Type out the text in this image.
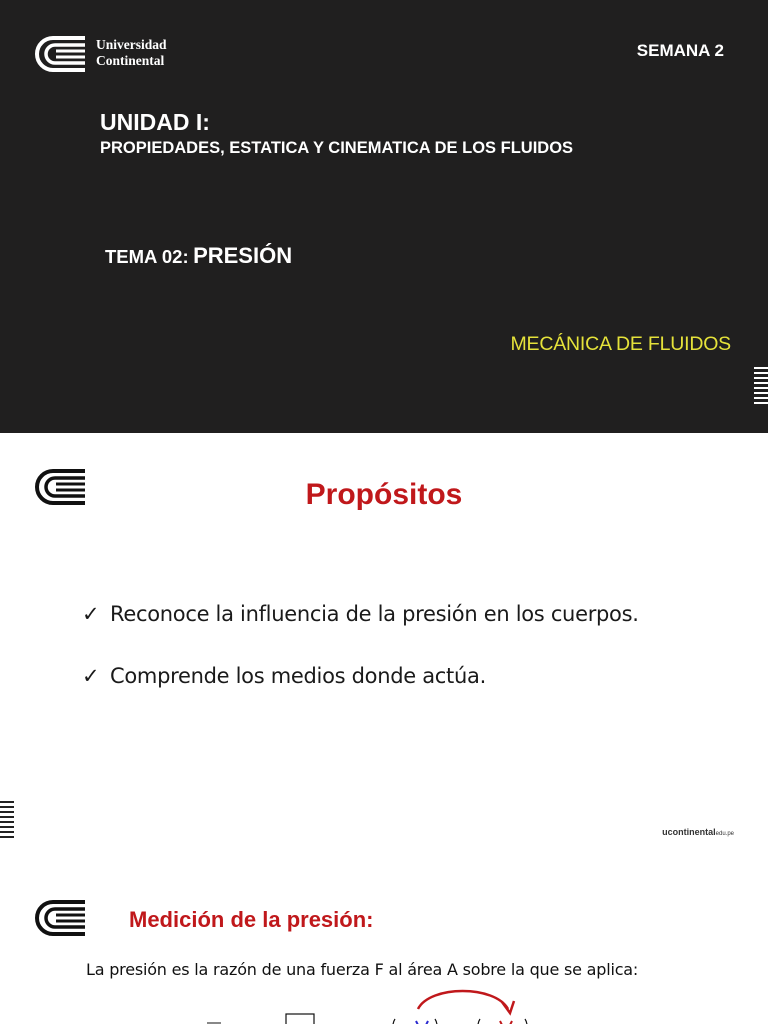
Universidad
Continental
SEMANA 2
UNIDAD I:
PROPIEDADES, ESTATICA Y CINEMATICA DE LOS FLUIDOS
TEMA 02: PRESIÓN
MECÁNICA DE FLUIDOS
Propósitos
✓ Reconoce la influencia de la presión en los cuerpos.
✓ Comprende los medios donde actúa.
ucontinentaledu.pe
Medición de la presión:
La presión es la razón de una fuerza F al área A sobre la que se aplica:
